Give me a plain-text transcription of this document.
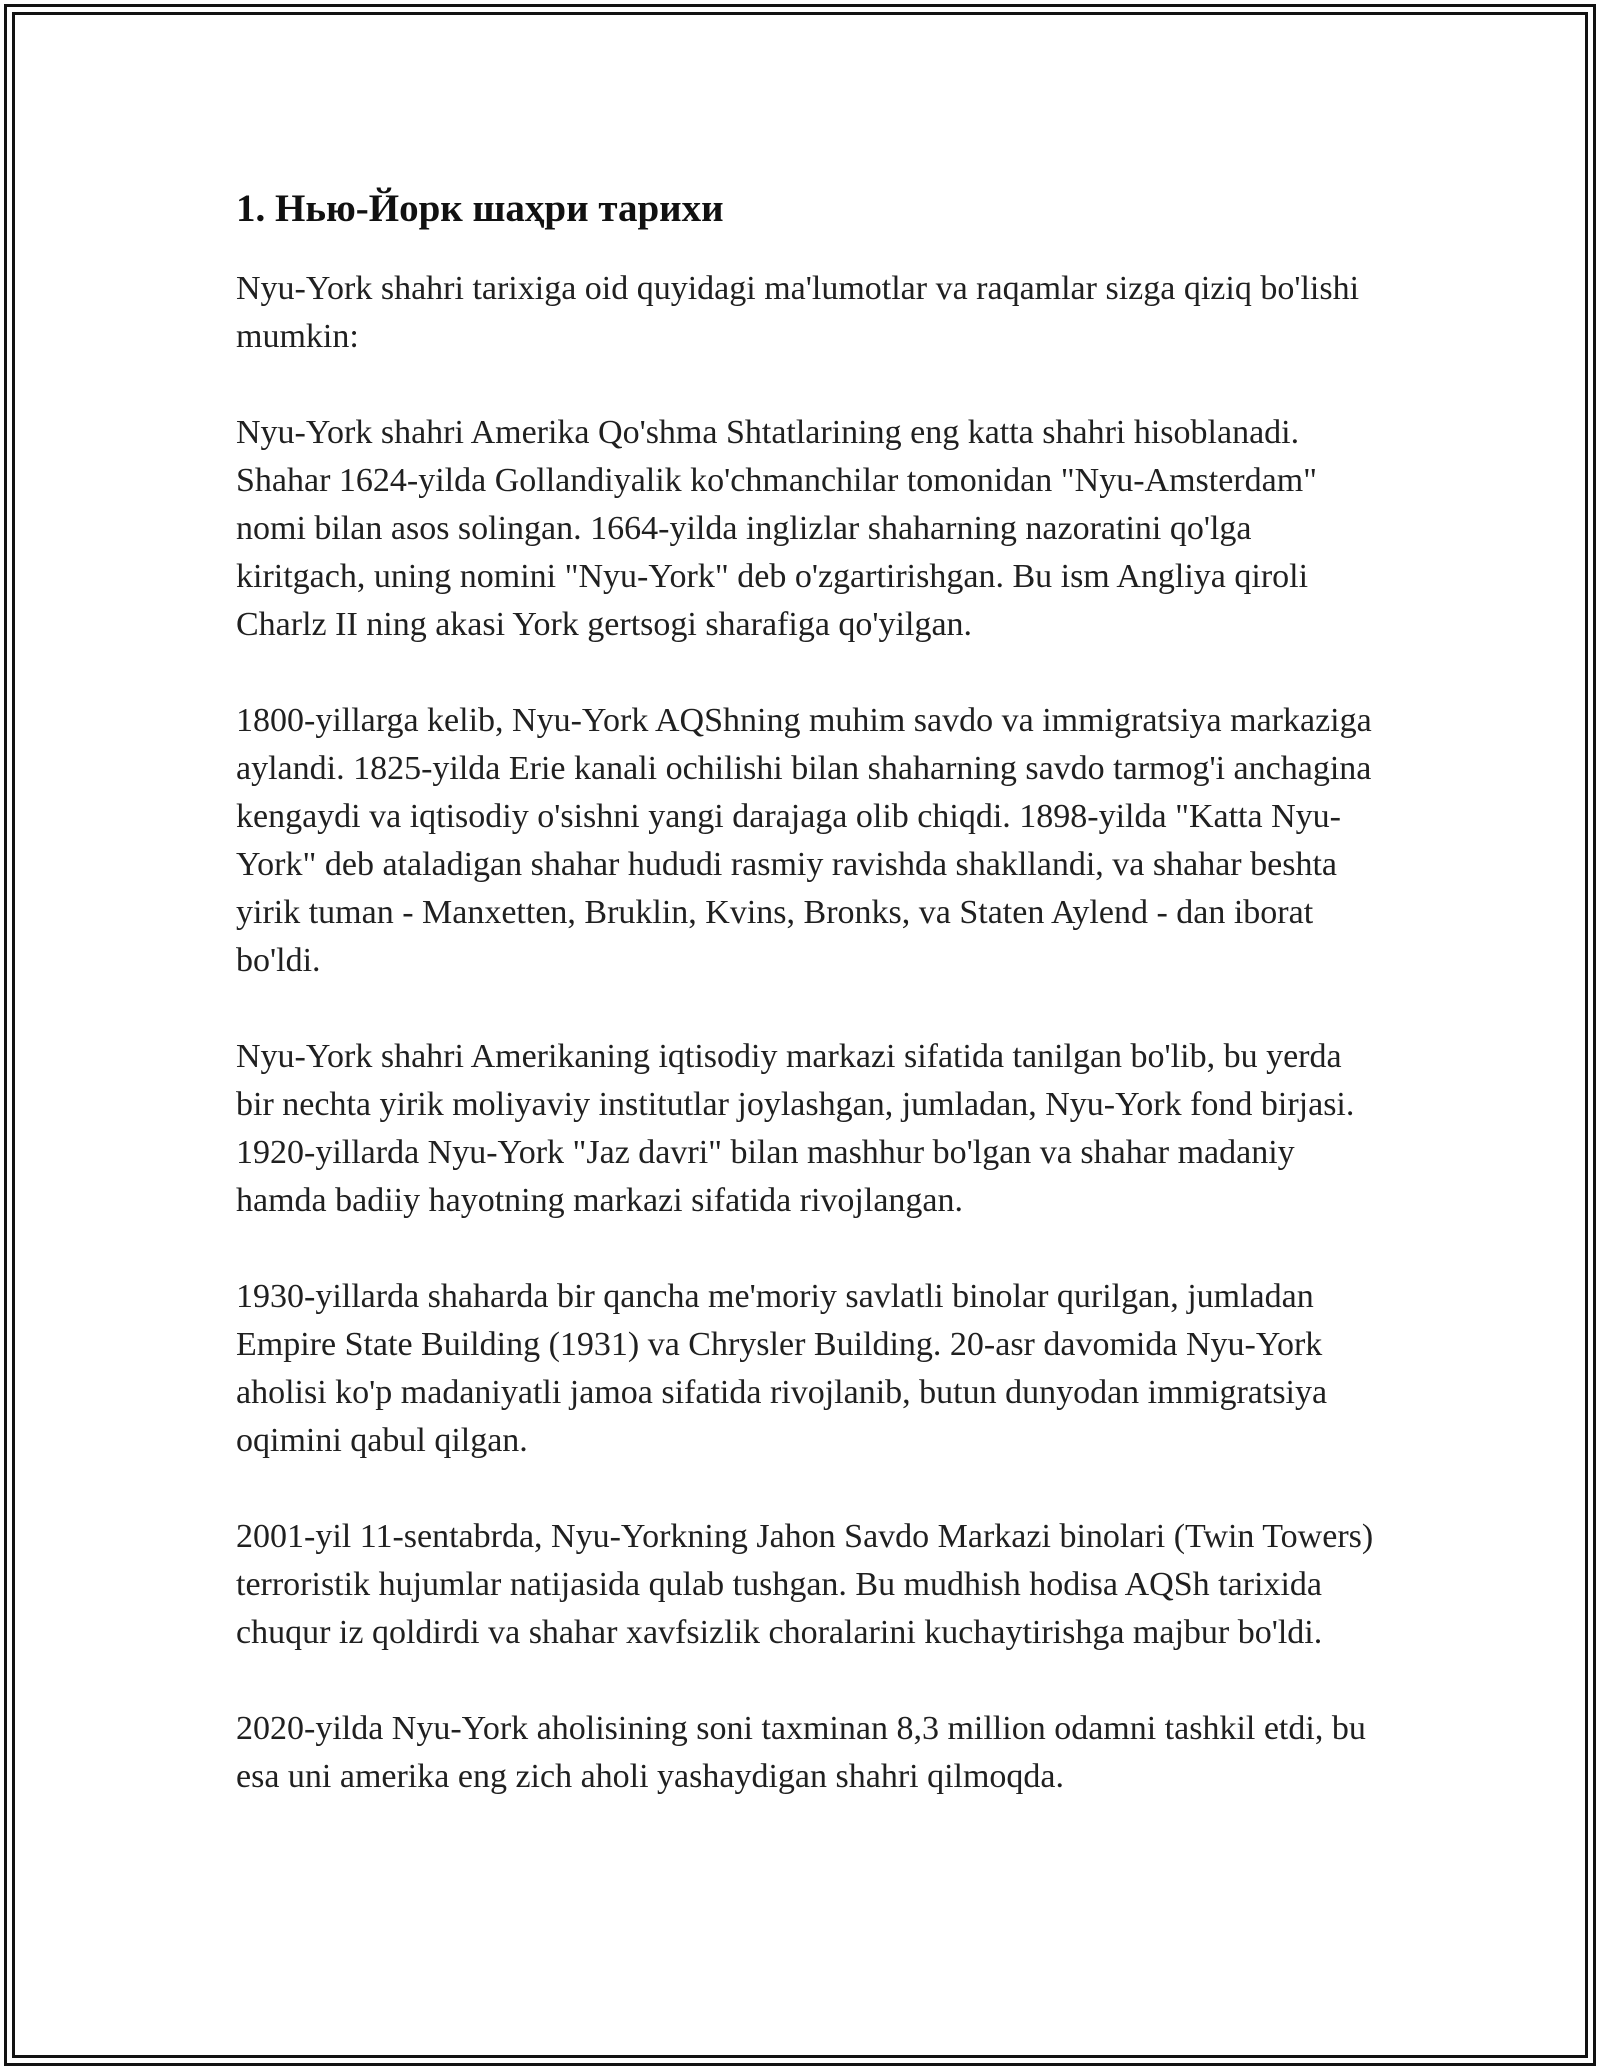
1. Нью-Йорк шаҳри тарихи

Nyu-York shahri tarixiga oid quyidagi ma'lumotlar va raqamlar sizga qiziq bo'lishi mumkin:

Nyu-York shahri Amerika Qo'shma Shtatlarining eng katta shahri hisoblanadi. Shahar 1624-yilda Gollandiyalik ko'chmanchilar tomonidan "Nyu-Amsterdam" nomi bilan asos solingan. 1664-yilda inglizlar shaharning nazoratini qo'lga kiritgach, uning nomini "Nyu-York" deb o'zgartirishgan. Bu ism Angliya qiroli Charlz II ning akasi York gertsogi sharafiga qo'yilgan.

1800-yillarga kelib, Nyu-York AQShning muhim savdo va immigratsiya markaziga aylandi. 1825-yilda Erie kanali ochilishi bilan shaharning savdo tarmog'i anchagina kengaydi va iqtisodiy o'sishni yangi darajaga olib chiqdi. 1898-yilda "Katta Nyu-York" deb ataladigan shahar hududi rasmiy ravishda shakllandi, va shahar beshta yirik tuman - Manxetten, Bruklin, Kvins, Bronks, va Staten Aylend - dan iborat bo'ldi.

Nyu-York shahri Amerikaning iqtisodiy markazi sifatida tanilgan bo'lib, bu yerda bir nechta yirik moliyaviy institutlar joylashgan, jumladan, Nyu-York fond birjasi. 1920-yillarda Nyu-York "Jaz davri" bilan mashhur bo'lgan va shahar madaniy hamda badiiy hayotning markazi sifatida rivojlangan.

1930-yillarda shaharda bir qancha me'moriy savlatli binolar qurilgan, jumladan Empire State Building (1931) va Chrysler Building. 20-asr davomida Nyu-York aholisi ko'p madaniyatli jamoa sifatida rivojlanib, butun dunyodan immigratsiya oqimini qabul qilgan.

2001-yil 11-sentabrda, Nyu-Yorkning Jahon Savdo Markazi binolari (Twin Towers) terroristik hujumlar natijasida qulab tushgan. Bu mudhish hodisa AQSh tarixida chuqur iz qoldirdi va shahar xavfsizlik choralarini kuchaytirishga majbur bo'ldi.

2020-yilda Nyu-York aholisining soni taxminan 8,3 million odamni tashkil etdi, bu esa uni amerika eng zich aholi yashaydigan shahri qilmoqda.
